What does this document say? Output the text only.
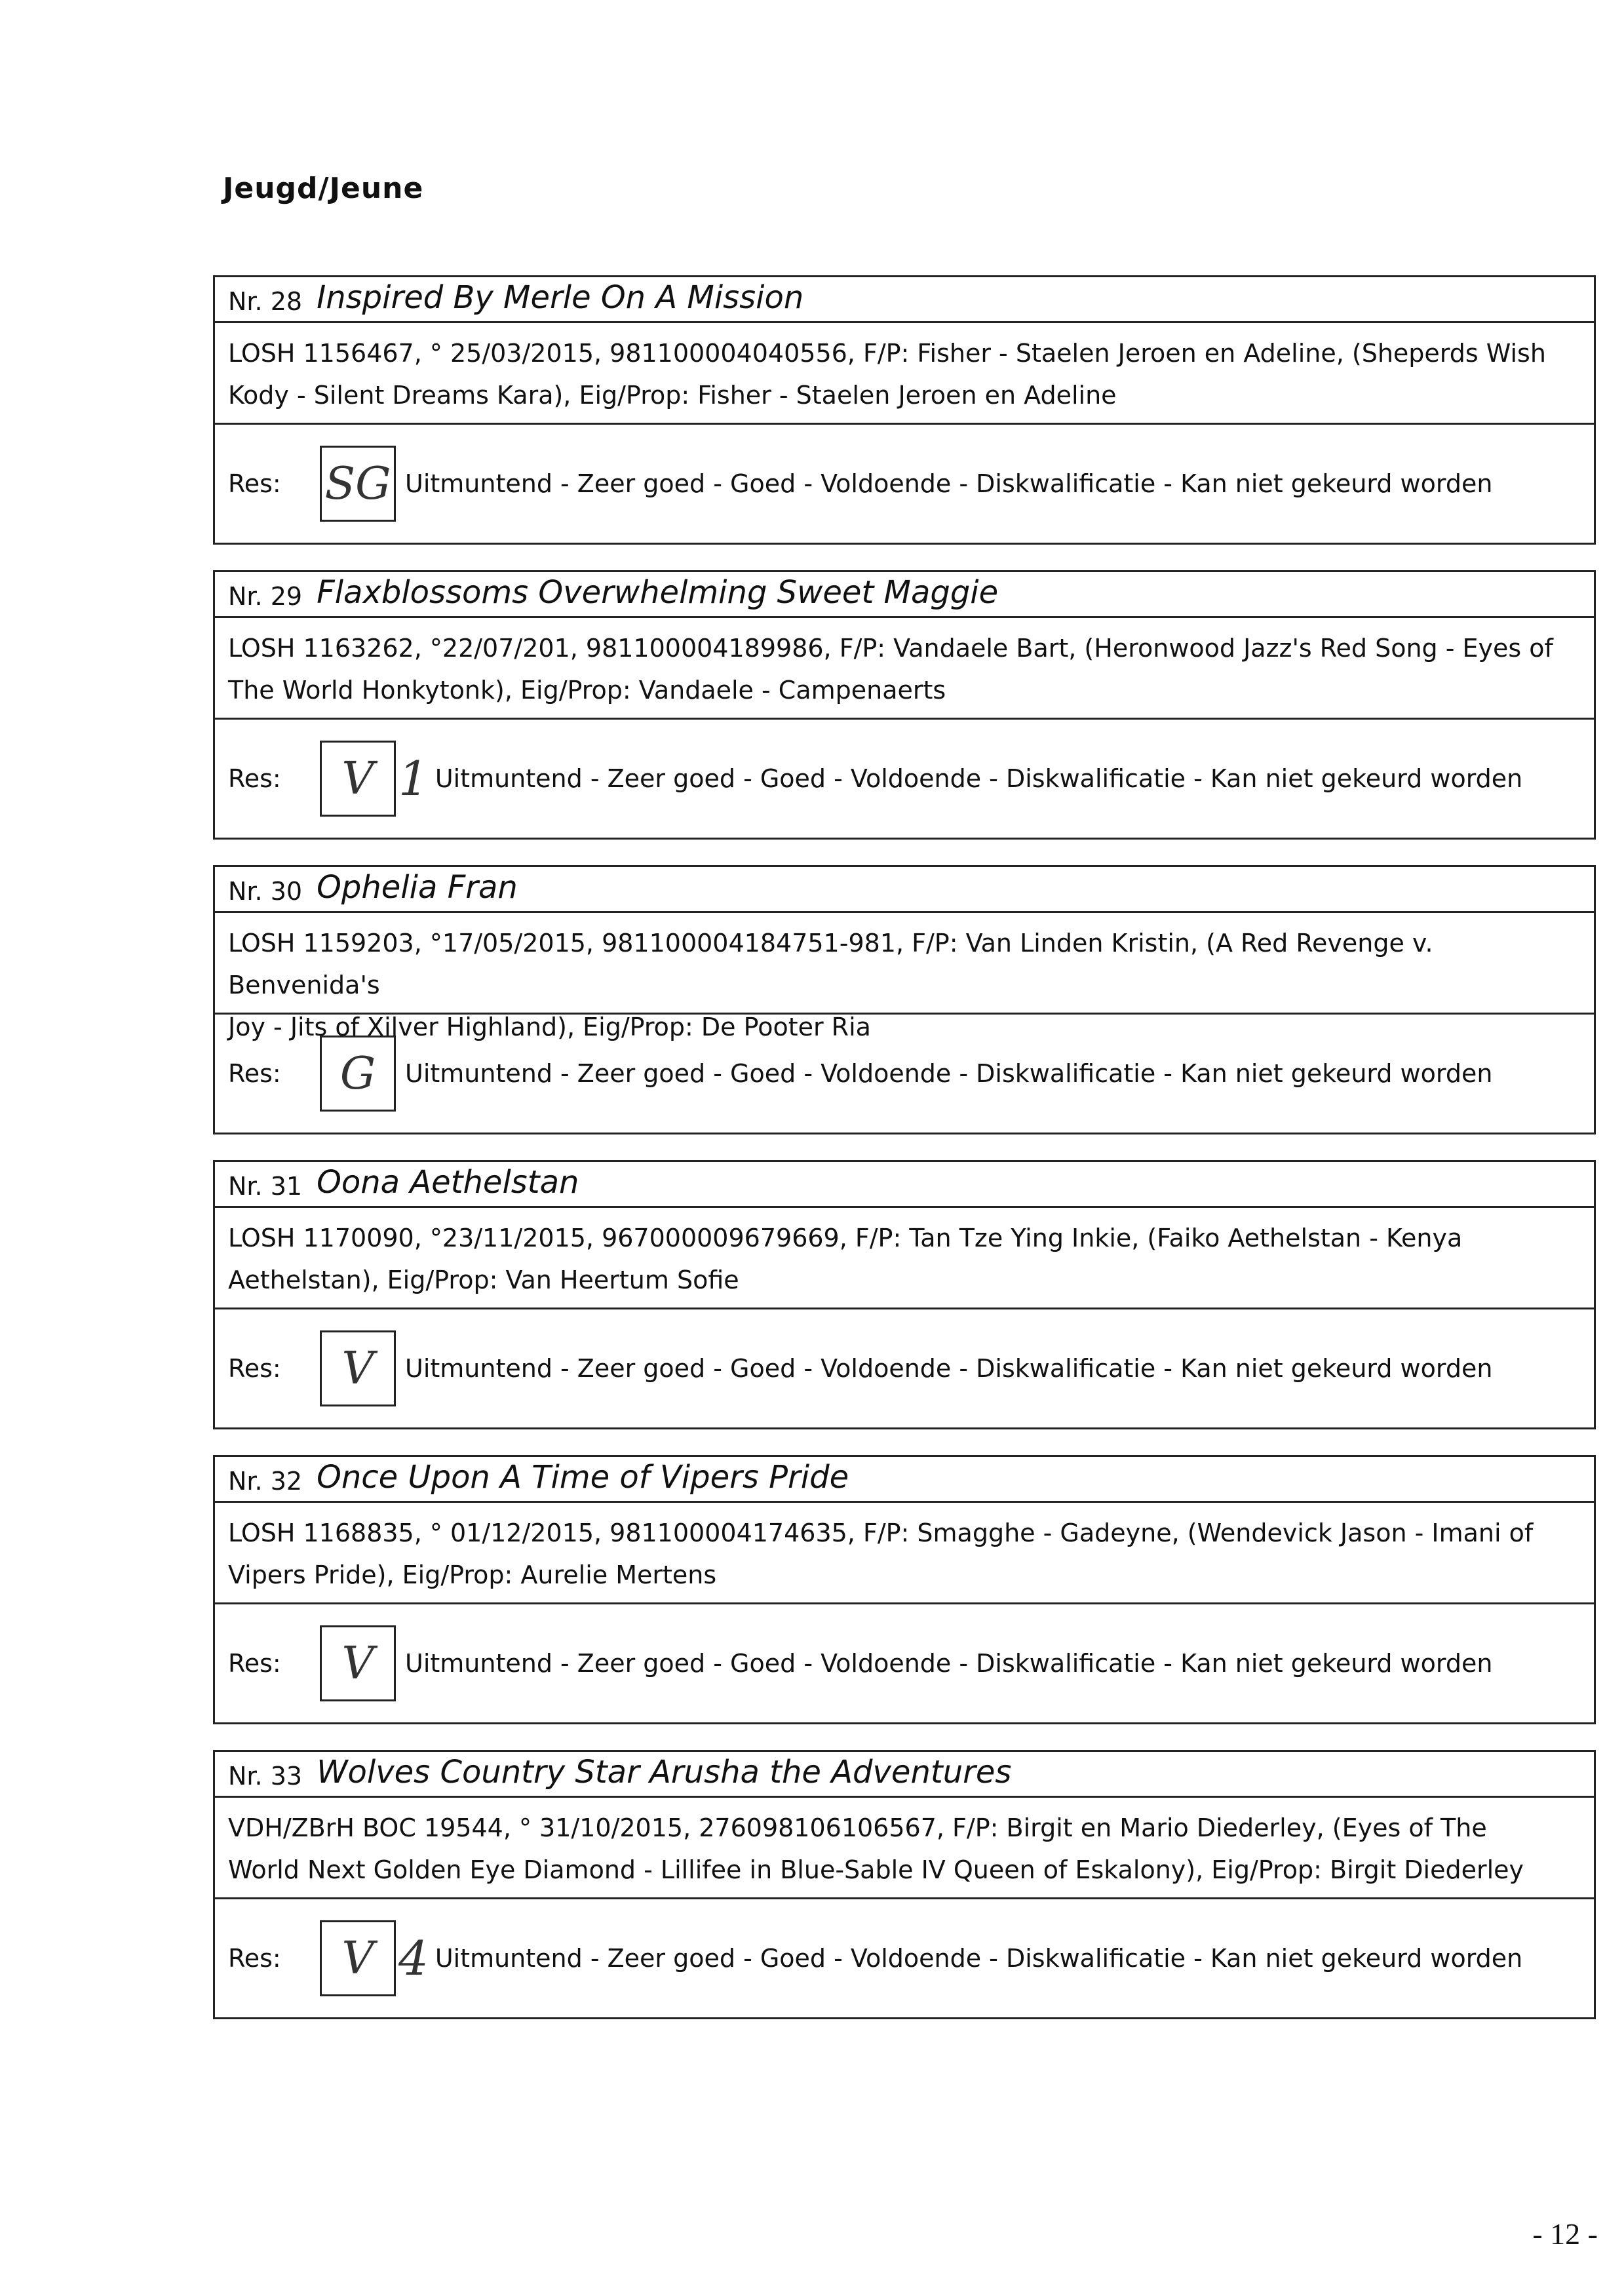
Jeugd/Jeune
Nr. 28 Inspired By Merle On A Mission
LOSH 1156467, ° 25/03/2015, 981100004040556, F/P: Fisher - Staelen Jeroen en Adeline, (Sheperds Wish
Kody - Silent Dreams Kara), Eig/Prop: Fisher - Staelen Jeroen en Adeline
Res: SG Uitmuntend - Zeer goed - Goed - Voldoende - Diskwalificatie - Kan niet gekeurd worden
Nr. 29 Flaxblossoms Overwhelming Sweet Maggie
LOSH 1163262, °22/07/201, 981100004189986, F/P: Vandaele Bart, (Heronwood Jazz's Red Song - Eyes of
The World Honkytonk), Eig/Prop: Vandaele - Campenaerts
Res:	V 1 Uitmuntend - Zeer goed - Goed - Voldoende - Diskwalificatie - Kan niet gekeurd worden
Nr. 30 Ophelia Fran
LOSH 1159203, °17/05/2015, 981100004184751-981, F/P: Van Linden Kristin, (A Red Revenge v. Benvenida's
Joy - Jits of Xilver Highland), Eig/Prop: De Pooter Ria
Res:	G	Uitmuntend - Zeer goed - Goed - Voldoende - Diskwalificatie - Kan niet gekeurd worden
Nr. 31 Oona Aethelstan
LOSH 1170090, °23/11/2015, 967000009679669, F/P: Tan Tze Ying Inkie, (Faiko Aethelstan - Kenya
Aethelstan), Eig/Prop: Van Heertum Sofie
Res:	V	Uitmuntend - Zeer goed - Goed - Voldoende - Diskwalificatie - Kan niet gekeurd worden
Nr. 32 Once Upon A Time of Vipers Pride
LOSH 1168835, ° 01/12/2015, 981100004174635, F/P: Smagghe - Gadeyne, (Wendevick Jason - Imani of
Vipers Pride), Eig/Prop: Aurelie Mertens
Res:	V	Uitmuntend - Zeer goed - Goed - Voldoende - Diskwalificatie - Kan niet gekeurd worden
Nr. 33 Wolves Country Star Arusha the Adventures
VDH/ZBrH BOC 19544, ° 31/10/2015, 276098106106567, F/P: Birgit en Mario Diederley, (Eyes of The
World Next Golden Eye Diamond - Lillifee in Blue-Sable IV Queen of Eskalony), Eig/Prop: Birgit Diederley
Res:	V 4 Uitmuntend - Zeer goed - Goed - Voldoende - Diskwalificatie - Kan niet gekeurd worden
- 12 -
